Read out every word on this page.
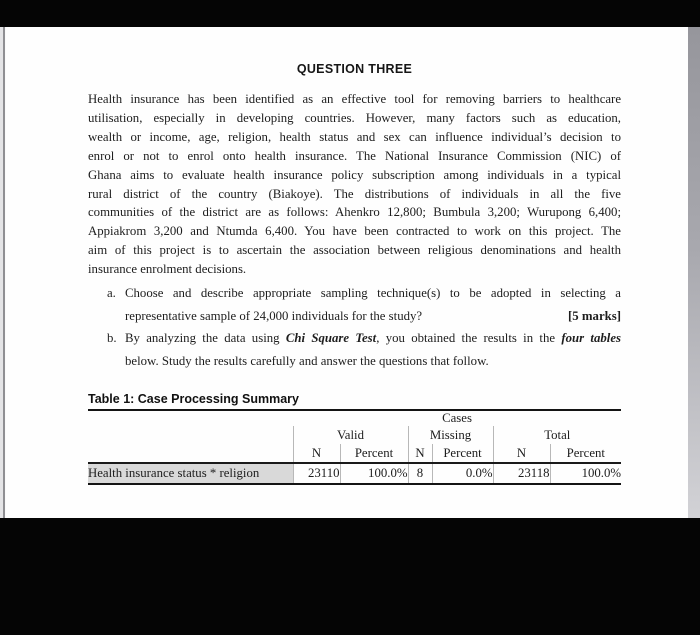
QUESTION THREE
Health insurance has been identified as an effective tool for removing barriers to healthcare
utilisation, especially in developing countries. However, many factors such as education,
wealth or income, age, religion, health status and sex can influence individual’s decision to
enrol or not to enrol onto health insurance. The National Insurance Commission (NIC) of
Ghana aims to evaluate health insurance policy subscription among individuals in a typical
rural district of the country (Biakoye). The distributions of individuals in all the five
communities of the district are as follows: Ahenkro 12,800; Bumbula 3,200; Wurupong 6,400;
Appiakrom 3,200 and Ntumda 6,400. You have been contracted to work on this project. The
aim of this project is to ascertain the association between religious denominations and health
insurance enrolment decisions.
a. Choose and describe appropriate sampling technique(s) to be adopted in selecting a
representative sample of 24,000 individuals for the study?	[5 marks]
b. By analyzing the data using Chi Square Test, you obtained the results in the four tables
below. Study the results carefully and answer the questions that follow.
Table 1: Case Processing Summary
	Cases					
	Valid		Missing		Total	
	N	Percent	N	Percent	N	Percent
Health insurance status * religion	23110	100.0%	8	0.0%	23118	100.0%
